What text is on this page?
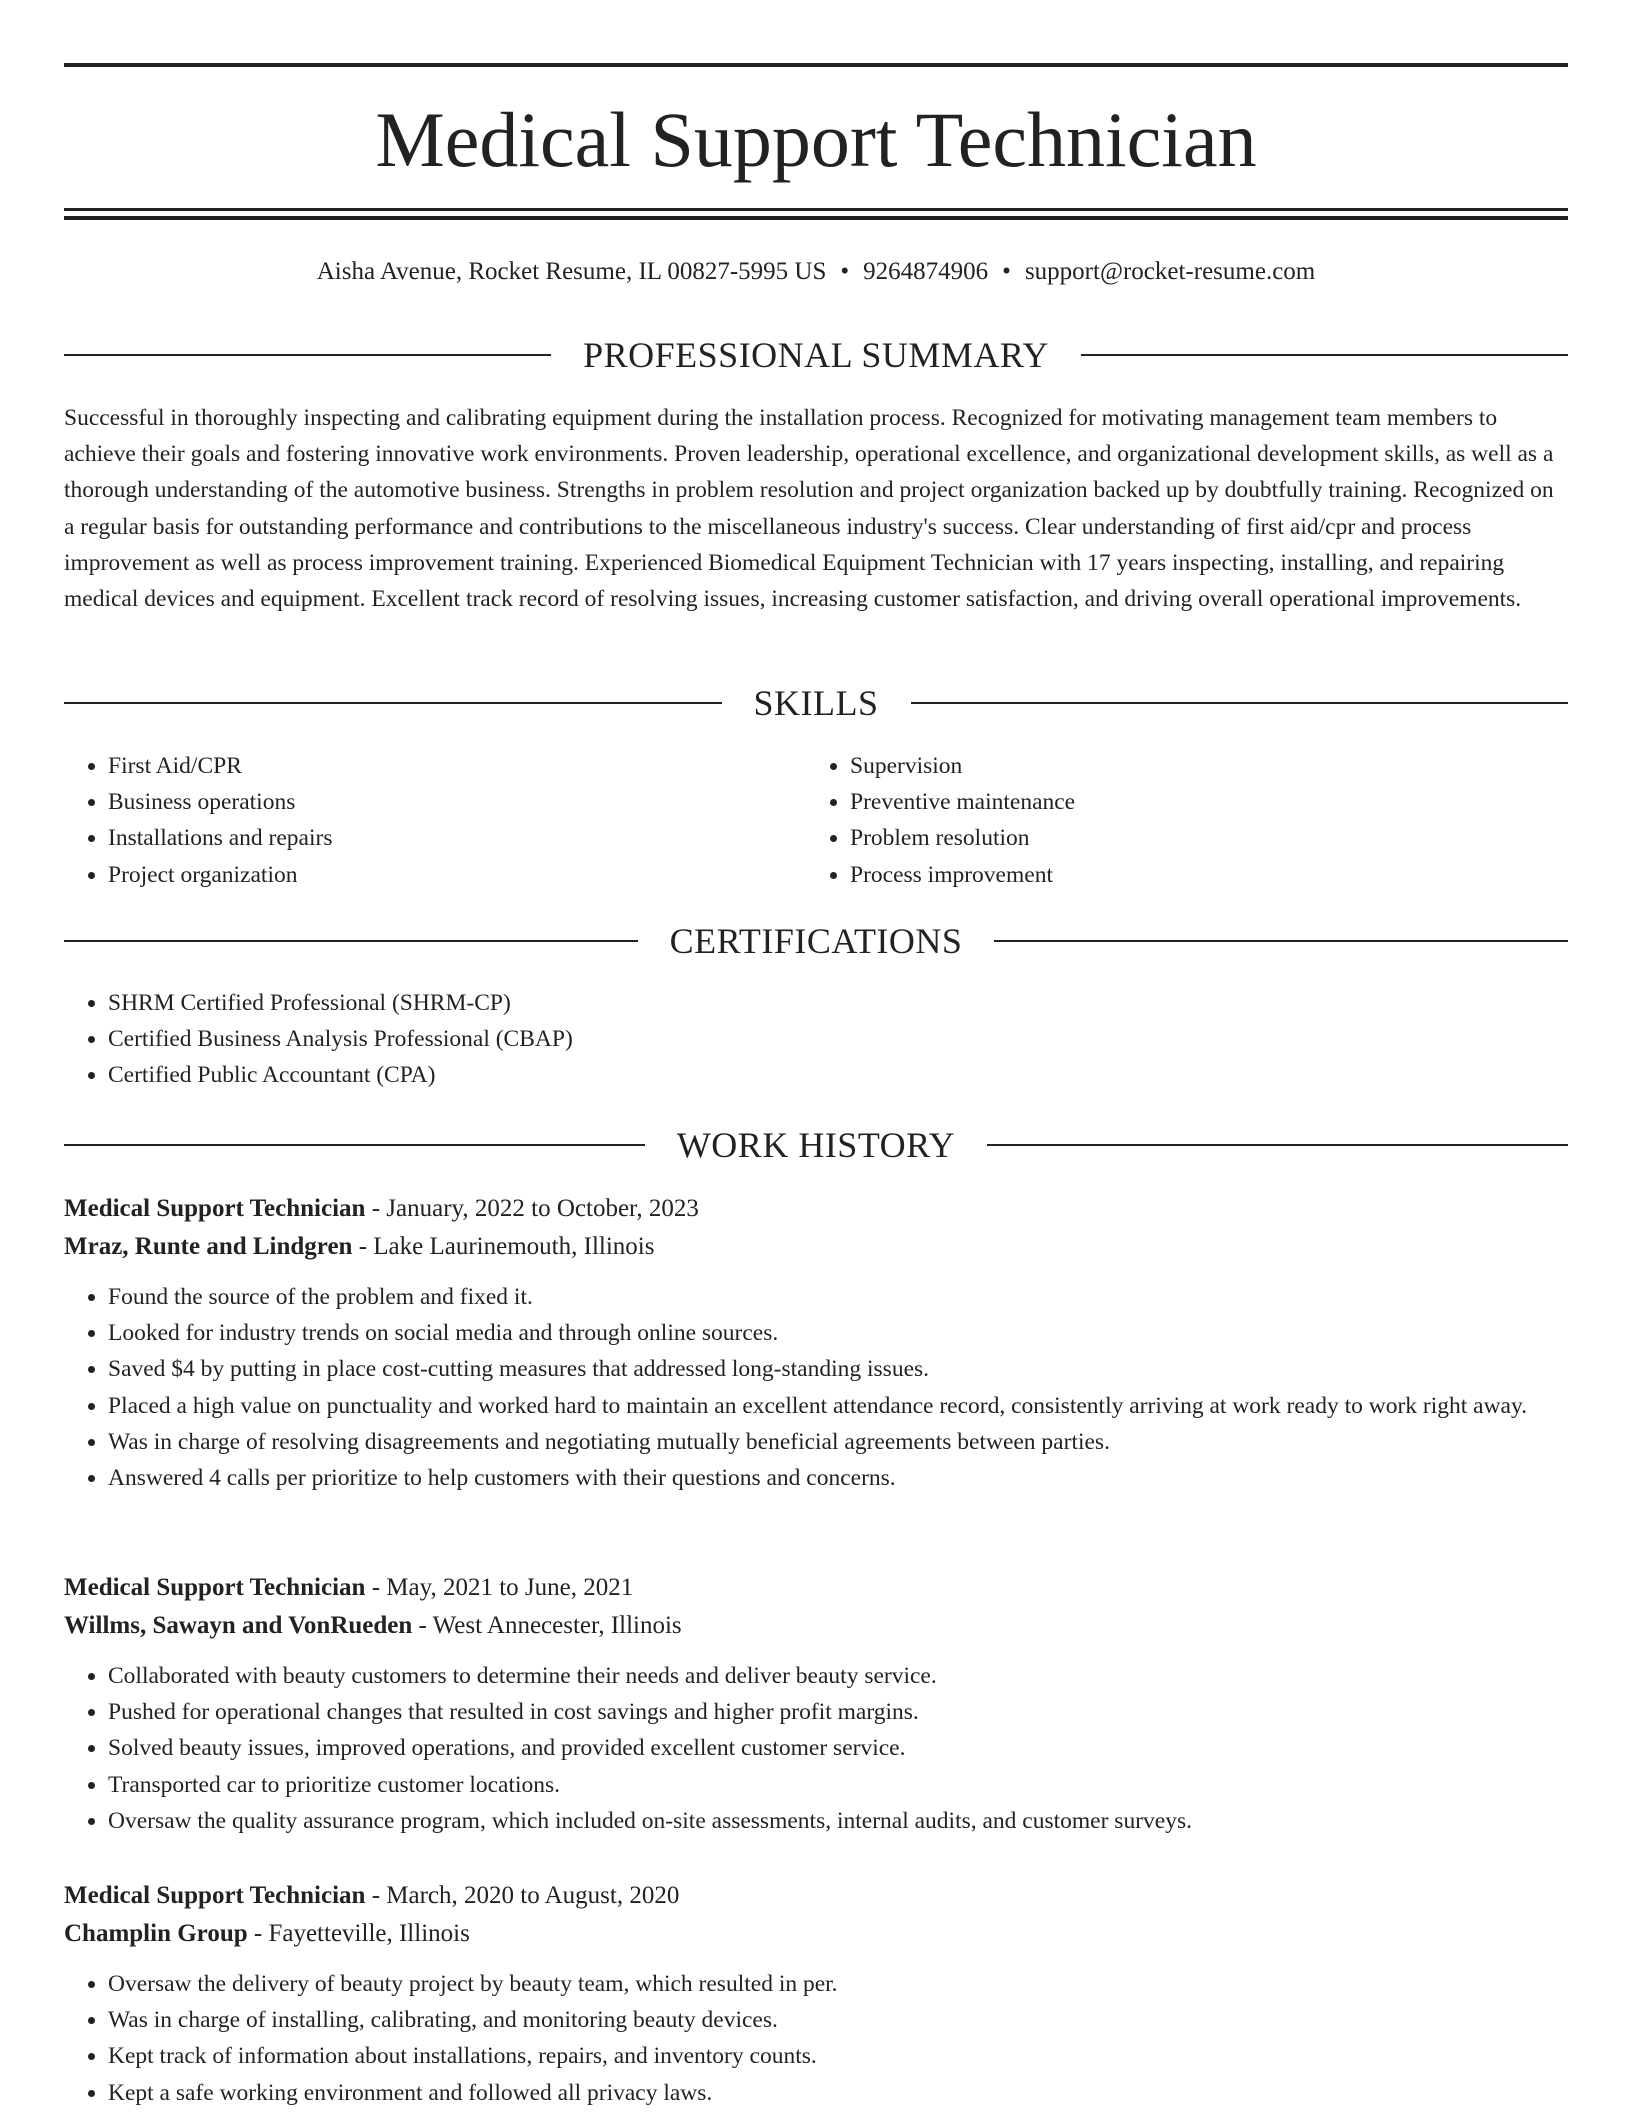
Medical Support Technician
Aisha Avenue, Rocket Resume, IL 00827-5995 US • 9264874906 • support@rocket-resume.com
PROFESSIONAL SUMMARY

Successful in thoroughly inspecting and calibrating equipment during the installation process. Recognized for motivating management team members to achieve their goals and fostering innovative work environments. Proven leadership, operational excellence, and organizational development skills, as well as a thorough understanding of the automotive business. Strengths in problem resolution and project organization backed up by doubtfully training. Recognized on a regular basis for outstanding performance and contributions to the miscellaneous industry's success. Clear understanding of first aid/cpr and process improvement as well as process improvement training. Experienced Biomedical Equipment Technician with 17 years inspecting, installing, and repairing medical devices and equipment. Excellent track record of resolving issues, increasing customer satisfaction, and driving overall operational improvements.

SKILLS
• First Aid/CPR
• Business operations
• Installations and repairs
• Project organization
• Supervision
• Preventive maintenance
• Problem resolution
• Process improvement
CERTIFICATIONS
• SHRM Certified Professional (SHRM-CP)
• Certified Business Analysis Professional (CBAP)
• Certified Public Accountant (CPA)
WORK HISTORY

Medical Support Technician - January, 2022 to October, 2023

Mraz, Runte and Lindgren - Lake Laurinemouth, Illinois

• Found the source of the problem and fixed it.
• Looked for industry trends on social media and through online sources.
• Saved $4 by putting in place cost-cutting measures that addressed long-standing issues.
• Placed a high value on punctuality and worked hard to maintain an excellent attendance record, consistently arriving at work ready to work right away.
• Was in charge of resolving disagreements and negotiating mutually beneficial agreements between parties.
• Answered 4 calls per prioritize to help customers with their questions and concerns.

Medical Support Technician - May, 2021 to June, 2021

Willms, Sawayn and VonRueden - West Annecester, Illinois

• Collaborated with beauty customers to determine their needs and deliver beauty service.
• Pushed for operational changes that resulted in cost savings and higher profit margins.
• Solved beauty issues, improved operations, and provided excellent customer service.
• Transported car to prioritize customer locations.
• Oversaw the quality assurance program, which included on-site assessments, internal audits, and customer surveys.

Medical Support Technician - March, 2020 to August, 2020

Champlin Group - Fayetteville, Illinois

• Oversaw the delivery of beauty project by beauty team, which resulted in per.
• Was in charge of installing, calibrating, and monitoring beauty devices.
• Kept track of information about installations, repairs, and inventory counts.
• Kept a safe working environment and followed all privacy laws.
